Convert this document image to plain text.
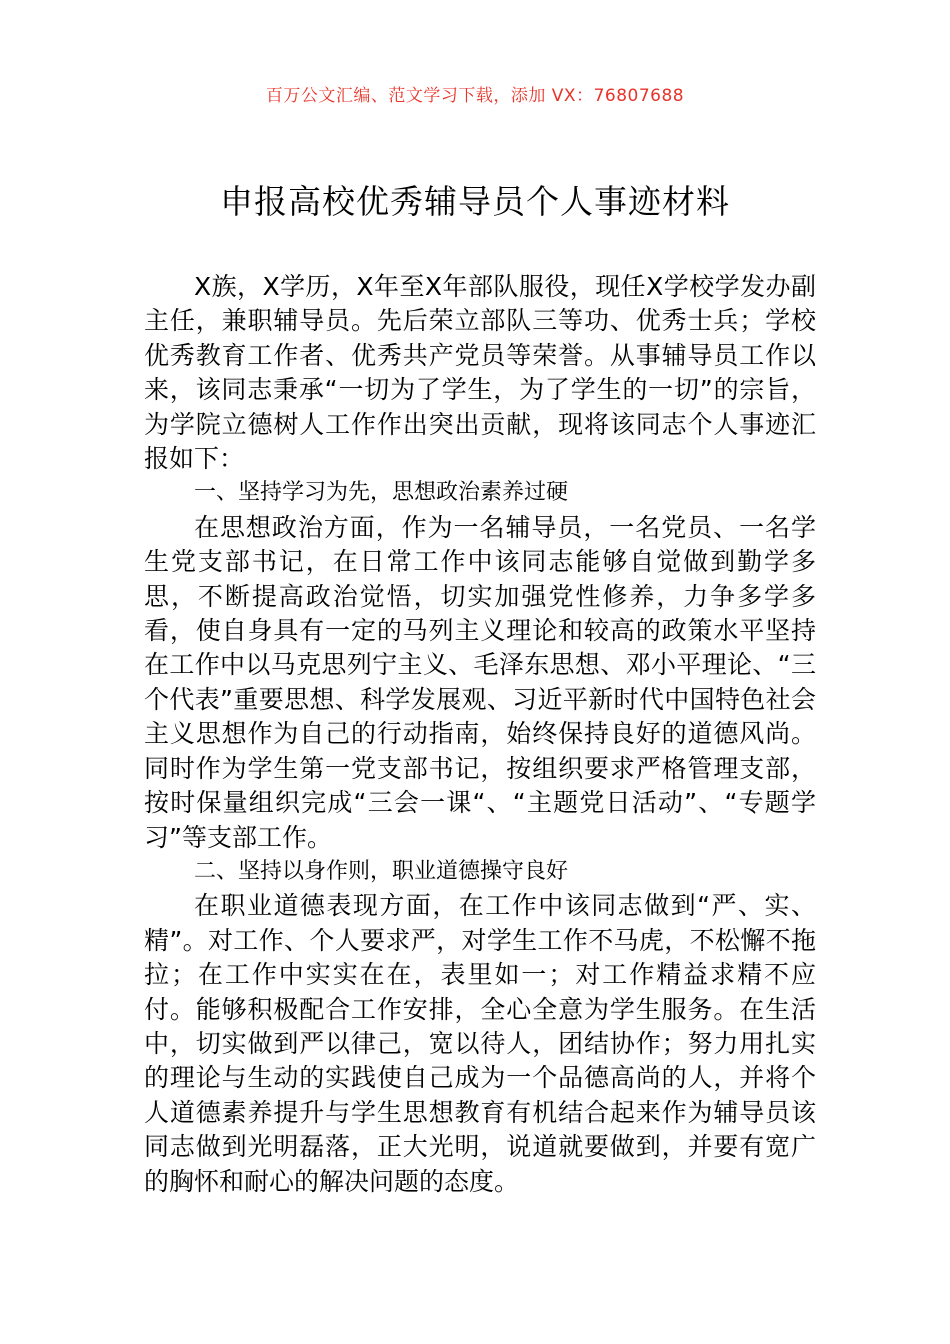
百万公文汇编、范文学习下载，添加 VX：76807688
申报高校优秀辅导员个人事迹材料

X族，X学历，X年至X年部队服役，现任X学校学发办副主任，兼职辅导员。先后荣立部队三等功、优秀士兵；学校优秀教育工作者、优秀共产党员等荣誉。从事辅导员工作以来，该同志秉承“一切为了学生，为了学生的一切”的宗旨，为学院立德树人工作作出突出贡献，现将该同志个人事迹汇报如下：

一、坚持学习为先，思想政治素养过硬

在思想政治方面，作为一名辅导员，一名党员、一名学生党支部书记，在日常工作中该同志能够自觉做到勤学多思，不断提高政治觉悟，切实加强党性修养，力争多学多看，使自身具有一定的马列主义理论和较高的政策水平坚持在工作中以马克思列宁主义、毛泽东思想、邓小平理论、“三个代表”重要思想、科学发展观、习近平新时代中国特色社会主义思想作为自己的行动指南，始终保持良好的道德风尚。同时作为学生第一党支部书记，按组织要求严格管理支部，按时保量组织完成“三会一课“、“主题党日活动”、“专题学习”等支部工作。

二、坚持以身作则，职业道德操守良好

在职业道德表现方面，在工作中该同志做到“严、实、精”。对工作、个人要求严，对学生工作不马虎，不松懈不拖拉；在工作中实实在在，表里如一；对工作精益求精不应付。能够积极配合工作安排，全心全意为学生服务。在生活中，切实做到严以律己，宽以待人，团结协作；努力用扎实的理论与生动的实践使自己成为一个品德高尚的人，并将个人道德素养提升与学生思想教育有机结合起来作为辅导员该同志做到光明磊落，正大光明，说道就要做到，并要有宽广的胸怀和耐心的解决问题的态度。
